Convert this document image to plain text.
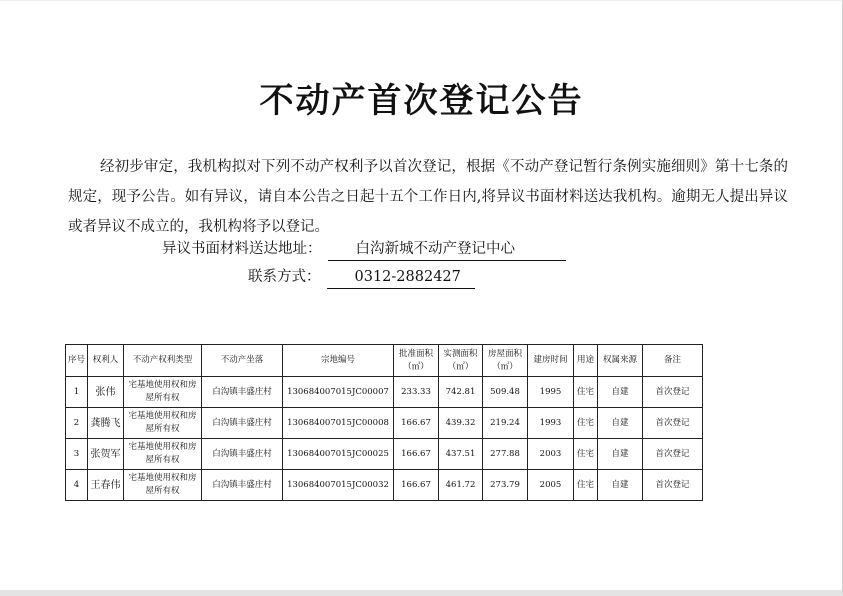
不动产首次登记公告
经初步审定，我机构拟对下列不动产权利予以首次登记，根据《不动产登记暂行条例实施细则》第十七条的规定，现予公告。如有异议，请自本公告之日起十五个工作日内,将异议书面材料送达我机构。逾期无人提出异议或者异议不成立的，我机构将予以登记。
异议书面材料送达地址： 白沟新城不动产登记中心
联系方式： 0312-2882427
序号	权利人	不动产权利类型	不动产坐落	宗地编号	批准面积（㎡）	实测面积（㎡）	房屋面积（㎡）	建房时间	用途	权属来源	备注
1	张伟	宅基地使用权和房屋所有权	白沟镇丰盛庄村	130684007015JC00007	233.33	742.81	509.48	1995	住宅	自建	首次登记
2	龚腾飞	宅基地使用权和房屋所有权	白沟镇丰盛庄村	130684007015JC00008	166.67	439.32	219.24	1993	住宅	自建	首次登记
3	张贺军	宅基地使用权和房屋所有权	白沟镇丰盛庄村	130684007015JC00025	166.67	437.51	277.88	2003	住宅	自建	首次登记
4	王春伟	宅基地使用权和房屋所有权	白沟镇丰盛庄村	130684007015JC00032	166.67	461.72	273.79	2005	住宅	自建	首次登记
